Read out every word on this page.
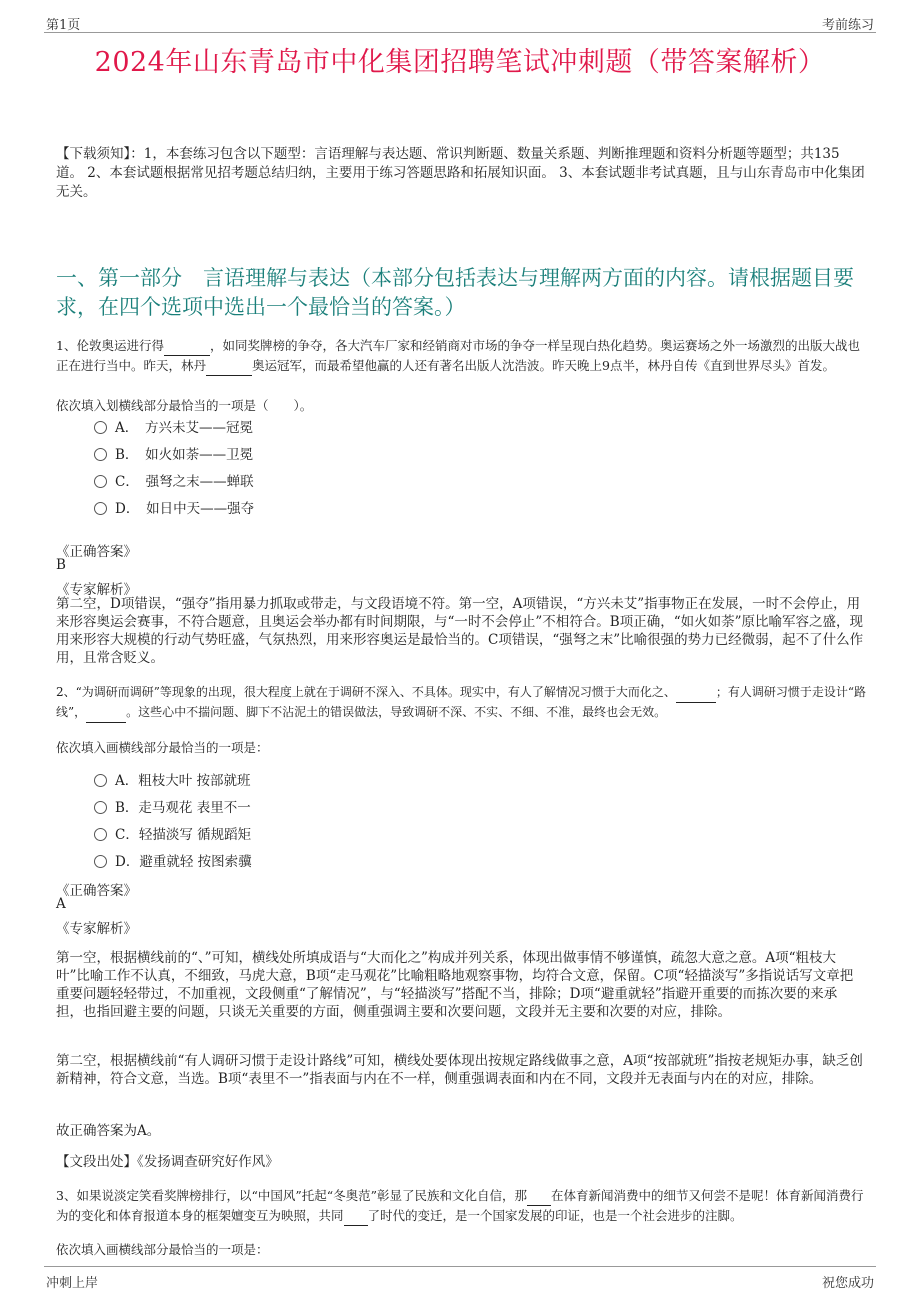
第1页	考前练习
2024年山东青岛市中化集团招聘笔试冲刺题（带答案解析）
【下载须知】：1，本套练习包含以下题型：言语理解与表达题、常识判断题、数量关系题、判断推理题和资料分析题等题型；共135道。 2、本套试题根据常见招考题总结归纳，主要用于练习答题思路和拓展知识面。 3、本套试题非考试真题，且与山东青岛市中化集团无关。
一、第一部分　言语理解与表达（本部分包括表达与理解两方面的内容。请根据题目要求，在四个选项中选出一个最恰当的答案。）
1、伦敦奥运进行得	，如同奖牌榜的争夺，各大汽车厂家和经销商对市场的争夺一样呈现白热化趋势。奥运赛场之外一场激烈的出版大战也正在进行当中。昨天，林丹	奥运冠军，而最希望他赢的人还有著名出版人沈浩波。昨天晚上9点半，林丹自传《直到世界尽头》首发。
依次填入划横线部分最恰当的一项是（　　）。
A．　方兴未艾——冠冕
B．　如火如荼——卫冕
C．　强弩之末——蝉联
D．　如日中天——强夺
《正确答案》
B
《专家解析》
第二空，D项错误，“强夺”指用暴力抓取或带走，与文段语境不符。第一空，A项错误，“方兴未艾”指事物正在发展，一时不会停止，用来形容奥运会赛事，不符合题意，且奥运会举办都有时间期限，与“一时不会停止”不相符合。B项正确，“如火如荼”原比喻军容之盛，现用来形容大规模的行动气势旺盛，气氛热烈，用来形容奥运是最恰当的。C项错误，“强弩之末”比喻很强的势力已经微弱，起不了什么作用，且常含贬义。
2、“为调研而调研”等现象的出现，很大程度上就在于调研不深入、不具体。现实中，有人了解情况习惯于大而化之、	；有人调研习惯于走设计“路线”，	。这些心中不揣问题、脚下不沾泥土的错误做法，导致调研不深、不实、不细、不准，最终也会无效。
依次填入画横线部分最恰当的一项是：
A．粗枝大叶 按部就班
B．走马观花 表里不一
C．轻描淡写 循规蹈矩
D．避重就轻 按图索骥
《正确答案》
A
《专家解析》
第一空，根据横线前的“、”可知，横线处所填成语与“大而化之”构成并列关系，体现出做事情不够谨慎，疏忽大意之意。A项“粗枝大叶”比喻工作不认真，不细致，马虎大意，B项“走马观花”比喻粗略地观察事物，均符合文意，保留。C项“轻描淡写”多指说话写文章把重要问题轻轻带过，不加重视，文段侧重“了解情况”，与“轻描淡写”搭配不当，排除；D项“避重就轻”指避开重要的而拣次要的来承担，也指回避主要的问题，只谈无关重要的方面，侧重强调主要和次要问题，文段并无主要和次要的对应，排除。
第二空，根据横线前“有人调研习惯于走设计路线”可知，横线处要体现出按规定路线做事之意，A项“按部就班”指按老规矩办事，缺乏创新精神，符合文意，当选。B项“表里不一”指表面与内在不一样，侧重强调表面和内在不同，文段并无表面与内在的对应，排除。
故正确答案为A。
【文段出处】《发扬调查研究好作风》
3、如果说淡定笑看奖牌榜排行，以“中国风”托起“冬奥范”彰显了民族和文化自信，那 在体育新闻消费中的细节又何尝不是呢！体育新闻消费行为的变化和体育报道本身的框架嬗变互为映照，共同 了时代的变迁，是一个国家发展的印证，也是一个社会进步的注脚。
依次填入画横线部分最恰当的一项是：
冲刺上岸	祝您成功
